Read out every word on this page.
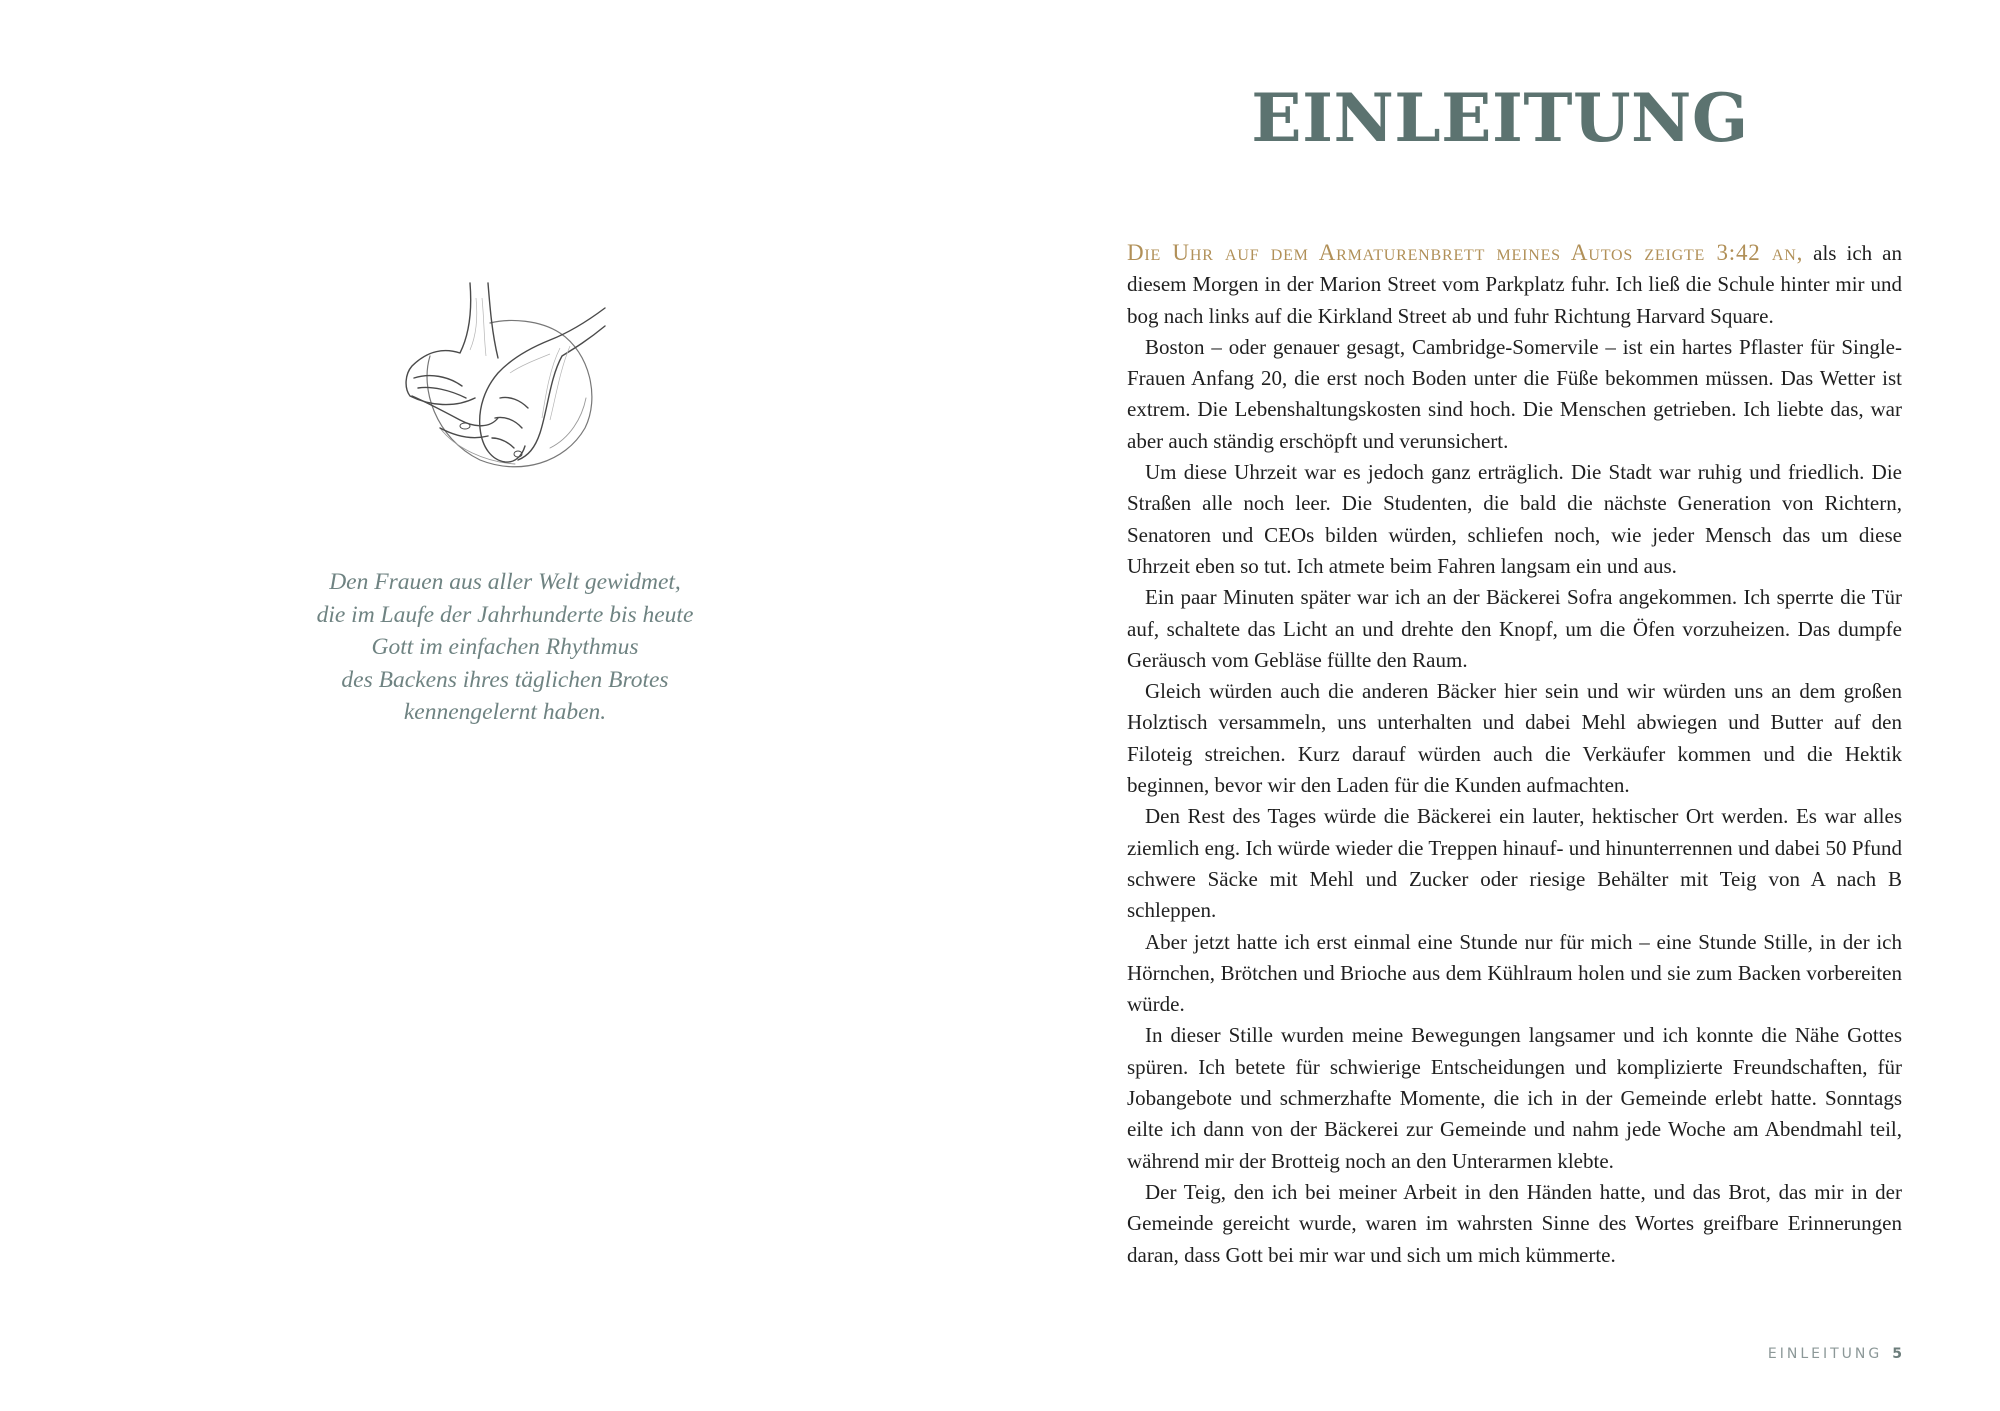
Den Frauen aus aller Welt gewidmet,
die im Laufe der Jahrhunderte bis heute
Gott im einfachen Rhythmus
des Backens ihres täglichen Brotes
kennengelernt haben.
EINLEITUNG

Die Uhr auf dem Armaturenbrett meines Autos zeigte 3:42 an, als ich an diesem Morgen in der Marion Street vom Parkplatz fuhr. Ich ließ die Schule hinter mir und bog nach links auf die Kirkland Street ab und fuhr Richtung Harvard Square.

Boston – oder genauer gesagt, Cambridge-Somervile – ist ein hartes Pflaster für Single-Frauen Anfang 20, die erst noch Boden unter die Füße bekommen müssen. Das Wetter ist extrem. Die Lebenshaltungskosten sind hoch. Die Menschen getrieben. Ich liebte das, war aber auch ständig erschöpft und verunsichert.

Um diese Uhrzeit war es jedoch ganz erträglich. Die Stadt war ruhig und friedlich. Die Straßen alle noch leer. Die Studenten, die bald die nächste Generation von Richtern, Senatoren und CEOs bilden würden, schliefen noch, wie jeder Mensch das um diese Uhrzeit eben so tut. Ich atmete beim Fahren langsam ein und aus.

Ein paar Minuten später war ich an der Bäckerei Sofra angekommen. Ich sperrte die Tür auf, schaltete das Licht an und drehte den Knopf, um die Öfen vorzuheizen. Das dumpfe Geräusch vom Gebläse füllte den Raum.

Gleich würden auch die anderen Bäcker hier sein und wir würden uns an dem großen Holztisch versammeln, uns unterhalten und dabei Mehl abwiegen und Butter auf den Filoteig streichen. Kurz darauf würden auch die Verkäufer kommen und die Hektik beginnen, bevor wir den Laden für die Kunden aufmachten.

Den Rest des Tages würde die Bäckerei ein lauter, hektischer Ort werden. Es war alles ziemlich eng. Ich würde wieder die Treppen hinauf- und hinunterrennen und dabei 50 Pfund schwere Säcke mit Mehl und Zucker oder riesige Behälter mit Teig von A nach B schleppen.

Aber jetzt hatte ich erst einmal eine Stunde nur für mich – eine Stunde Stille, in der ich Hörnchen, Brötchen und Brioche aus dem Kühlraum holen und sie zum Backen vorbereiten würde.

In dieser Stille wurden meine Bewegungen langsamer und ich konnte die Nähe Gottes spüren. Ich betete für schwierige Entscheidungen und komplizierte Freundschaften, für Jobangebote und schmerzhafte Momente, die ich in der Gemeinde erlebt hatte. Sonntags eilte ich dann von der Bäckerei zur Gemeinde und nahm jede Woche am Abendmahl teil, während mir der Brotteig noch an den Unterarmen klebte.

Der Teig, den ich bei meiner Arbeit in den Händen hatte, und das Brot, das mir in der Gemeinde gereicht wurde, waren im wahrsten Sinne des Wortes greifbare Erinnerungen daran, dass Gott bei mir war und sich um mich kümmerte.

EINLEITUNG 5
